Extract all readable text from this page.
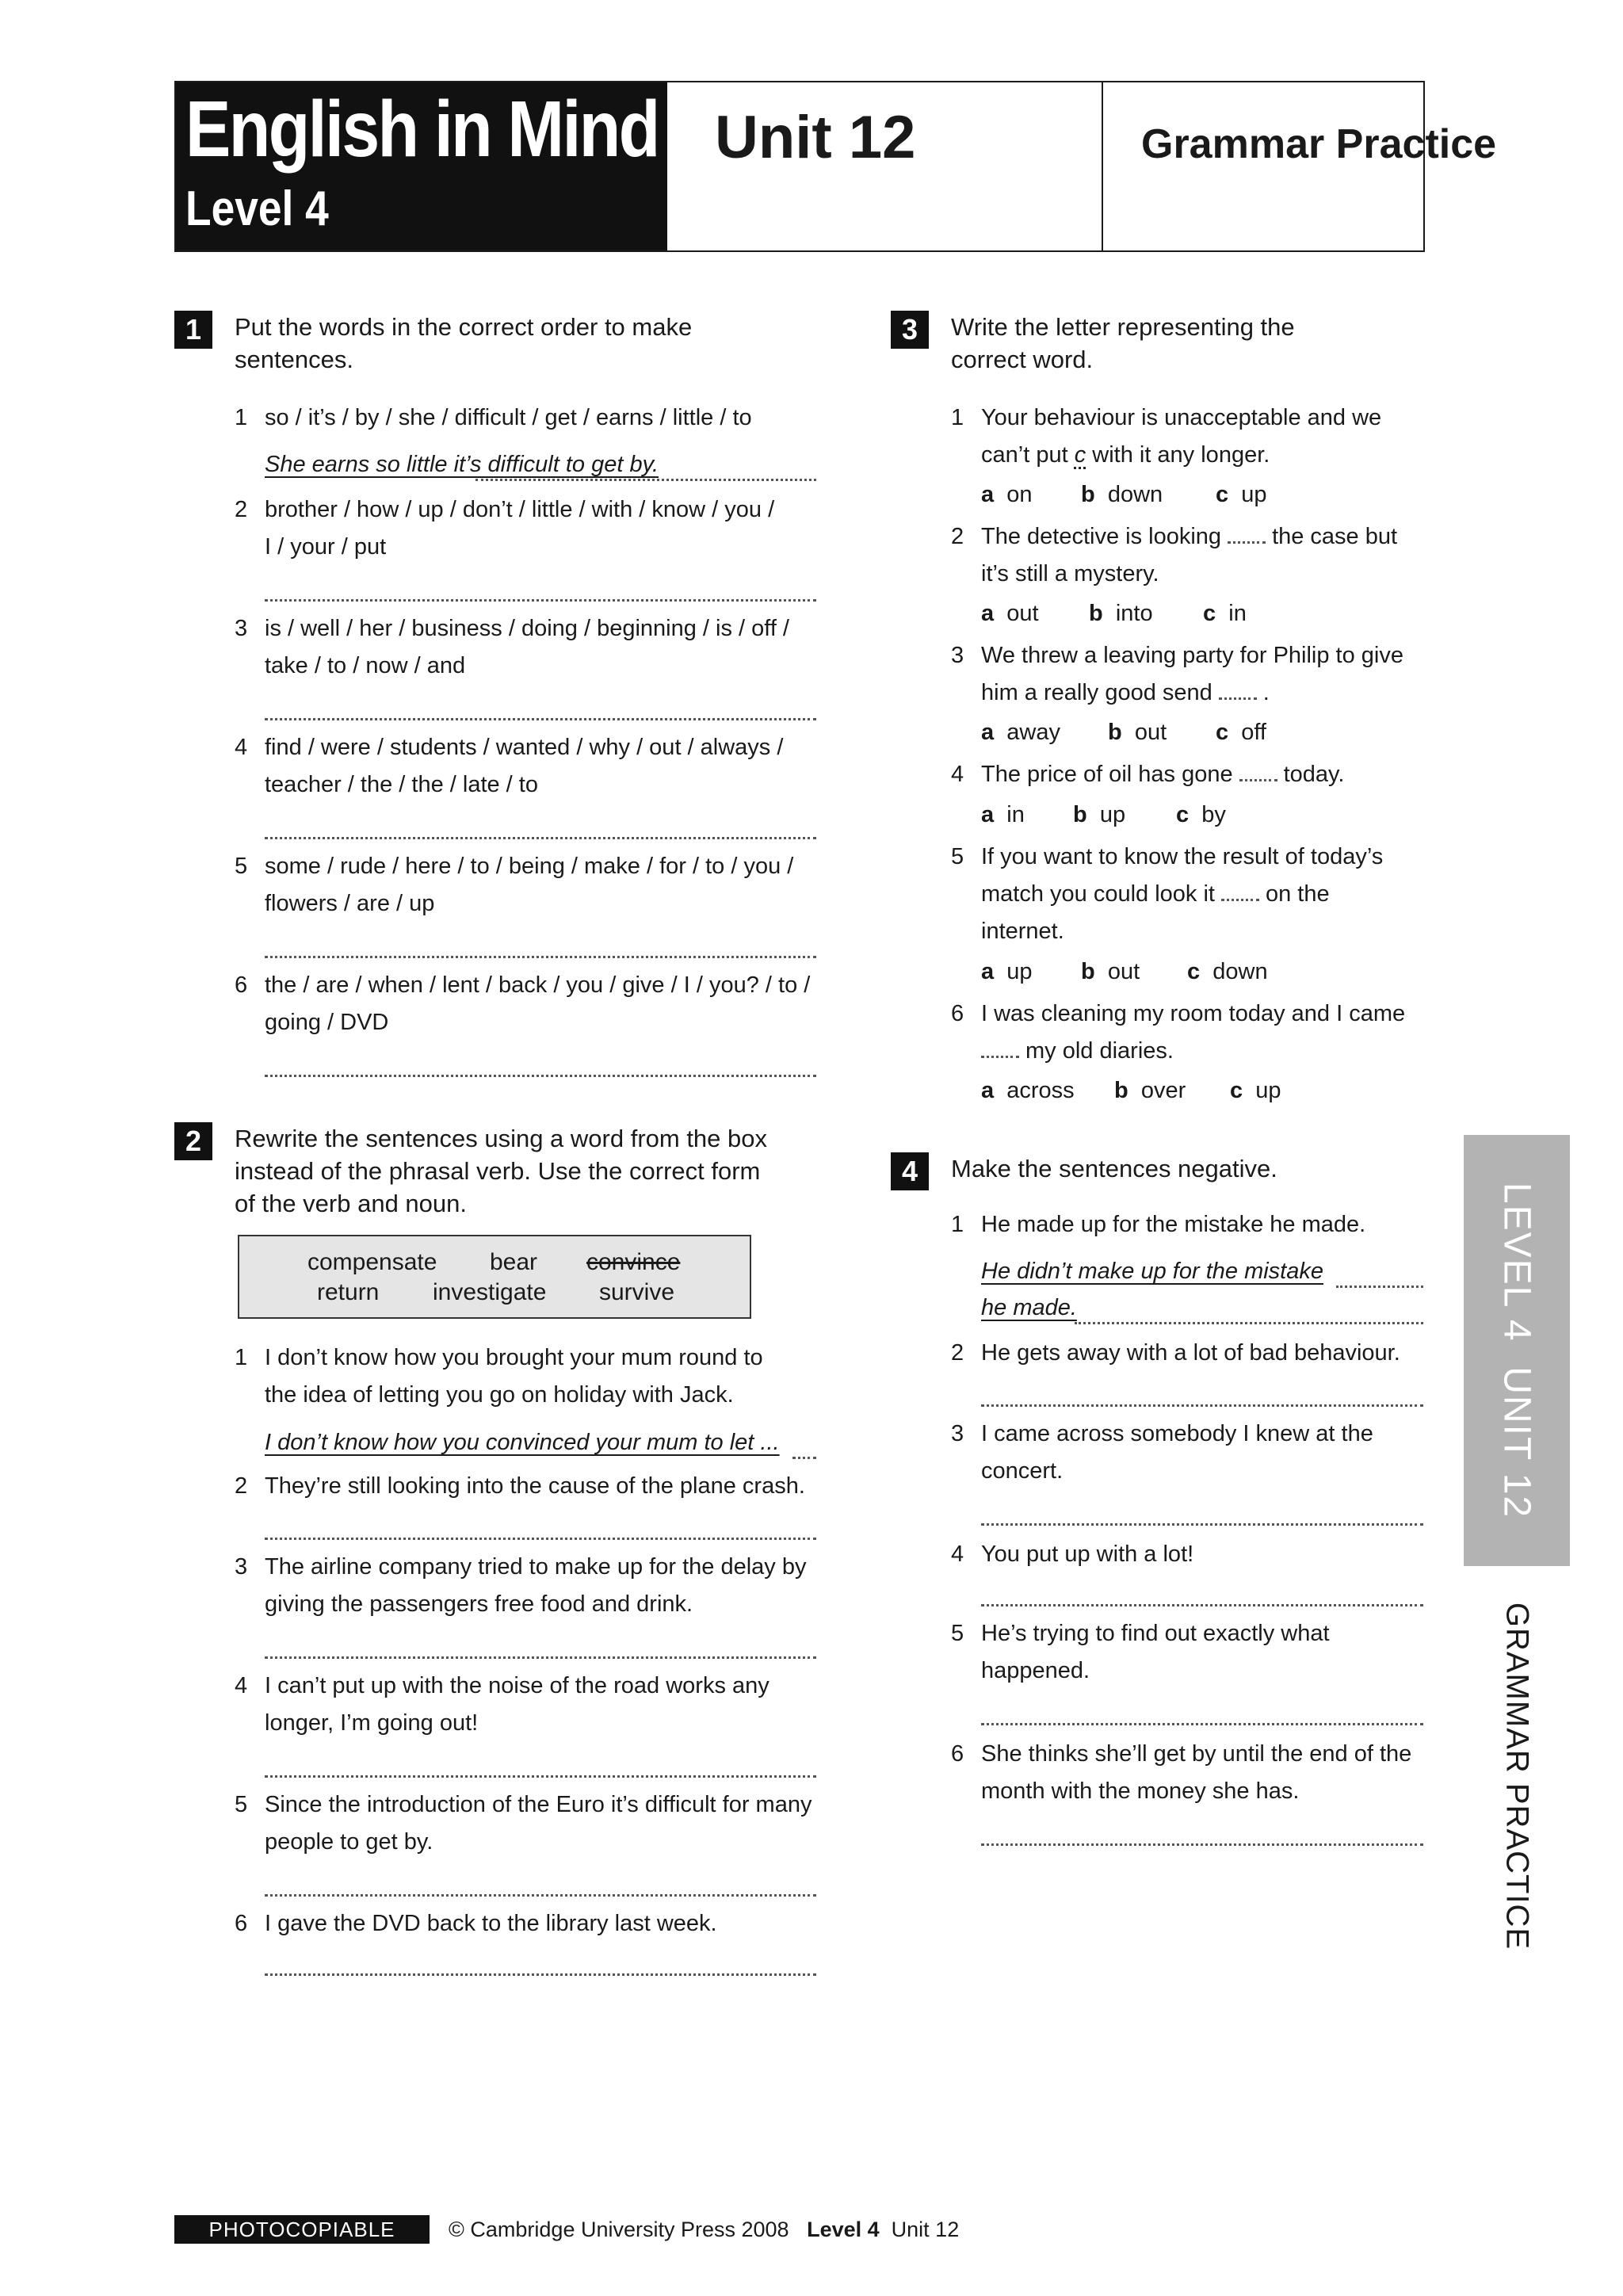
English in Mind
Level 4
Unit 12	Grammar Practice
1	Put the words in the correct order to make
sentences.
1 so / it’s / by / she / difficult / get / earns / little / to
She earns so little it’s difficult to get by.
2 brother / how / up / don’t / little / with / know / you /
I / your / put
3 is / well / her / business / doing / beginning / is / off /
take / to / now / and
4 find / were / students / wanted / why / out / always /
teacher / the / the / late / to
5 some / rude / here / to / being / make / for / to / you /
flowers / are / up
6 the / are / when / lent / back / you / give / I / you? / to /
going / DVD
2	Rewrite the sentences using a word from the box
instead of the phrasal verb. Use the correct form
of the verb and noun.
compensate bear convince
return investigate survive
1 I don’t know how you brought your mum round to
the idea of letting you go on holiday with Jack.
I don’t know how you convinced your mum to let ...
2 They’re still looking into the cause of the plane crash.
3 The airline company tried to make up for the delay by
giving the passengers free food and drink.
4 I can’t put up with the noise of the road works any
longer, I’m going out!
5 Since the introduction of the Euro it’s difficult for many
people to get by.
6 I gave the DVD back to the library last week.
3	Write the letter representing the
correct word.
1 Your behaviour is unacceptable and we
can’t put c with it any longer.
a on b down c up
2 The detective is looking the case but
it’s still a mystery.
a out b into c in
3 We threw a leaving party for Philip to give
him a really good send .
a away b out c off
4 The price of oil has gone today.
a in b up c by
5 If you want to know the result of today’s
match you could look it on the
internet.
a up b out c down
6 I was cleaning my room today and I came
my old diaries.
a across b over c up
4	Make the sentences negative.
1 He made up for the mistake he made.
He didn’t make up for the mistake
he made.
2 He gets away with a lot of bad behaviour.
3 I came across somebody I knew at the
concert.
4 You put up with a lot!
5 He’s trying to find out exactly what
happened.
6 She thinks she’ll get by until the end of the
month with the money she has.
LEVEL 4  UNIT 12
GRAMMAR PRACTICE
PHOTOCOPIABLE	© Cambridge University Press 2008 Level 4 Unit 12
